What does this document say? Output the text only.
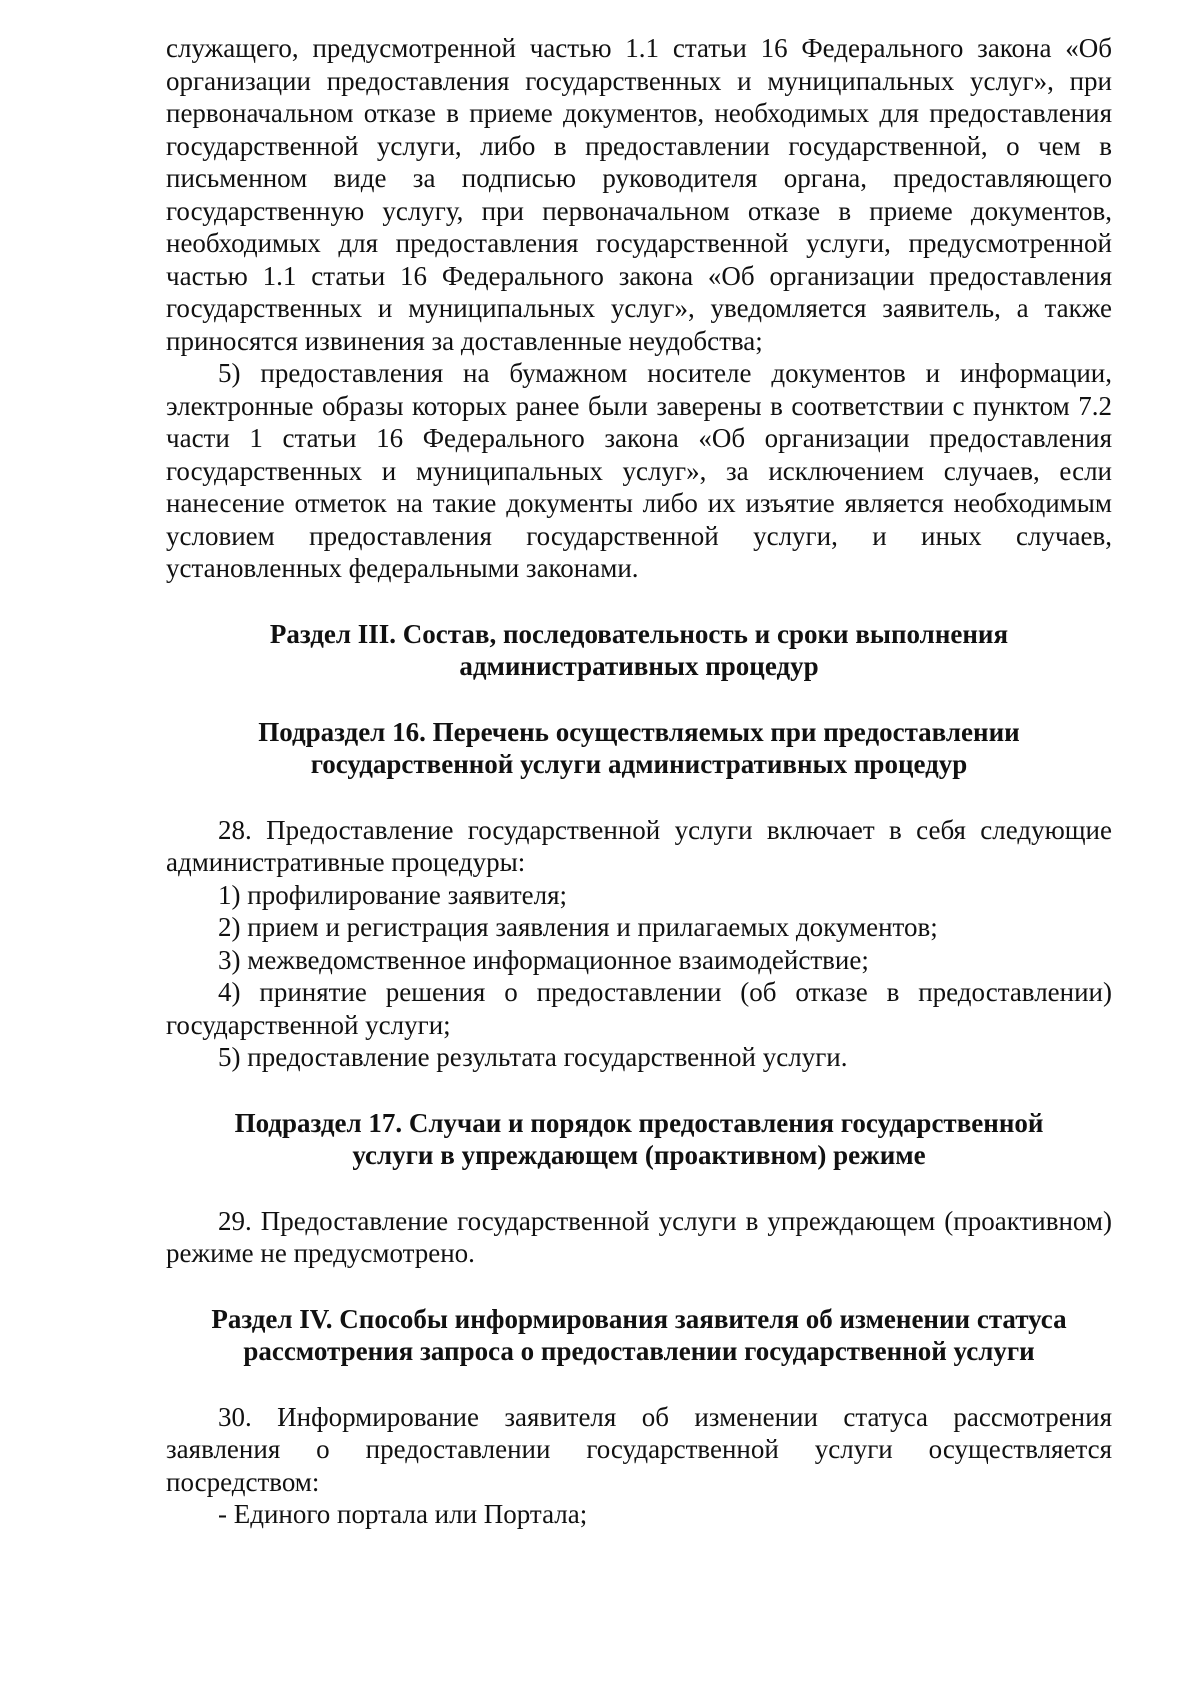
служащего, предусмотренной частью 1.1 статьи 16 Федерального закона «Об организации предоставления государственных и муниципальных услуг», при первоначальном отказе в приеме документов, необходимых для предоставления государственной услуги, либо в предоставлении государственной, о чем в письменном виде за подписью руководителя органа, предоставляющего государственную услугу, при первоначальном отказе в приеме документов, необходимых для предоставления государственной услуги, предусмотренной частью 1.1 статьи 16 Федерального закона «Об организации предоставления государственных и муниципальных услуг», уведомляется заявитель, а также приносятся извинения за доставленные неудобства;

5) предоставления на бумажном носителе документов и информации, электронные образы которых ранее были заверены в соответствии с пунктом 7.2 части 1 статьи 16 Федерального закона «Об организации предоставления государственных и муниципальных услуг», за исключением случаев, если нанесение отметок на такие документы либо их изъятие является необходимым условием предоставления государственной услуги, и иных случаев, установленных федеральными законами.

Раздел III. Состав, последовательность и сроки выполнения
административных процедур
Подраздел 16. Перечень осуществляемых при предоставлении
государственной услуги административных процедур

28. Предоставление государственной услуги включает в себя следующие административные процедуры:

1) профилирование заявителя;

2) прием и регистрация заявления и прилагаемых документов;

3) межведомственное информационное взаимодействие;

4) принятие решения о предоставлении (об отказе в предоставлении) государственной услуги;

5) предоставление результата государственной услуги.

Подраздел 17. Случаи и порядок предоставления государственной
услуги в упреждающем (проактивном) режиме

29. Предоставление государственной услуги в упреждающем (проактивном) режиме не предусмотрено.

Раздел IV. Способы информирования заявителя об изменении статуса
рассмотрения запроса о предоставлении государственной услуги

30. Информирование заявителя об изменении статуса рассмотрения заявления о предоставлении государственной услуги осуществляется посредством:

- Единого портала или Портала;
